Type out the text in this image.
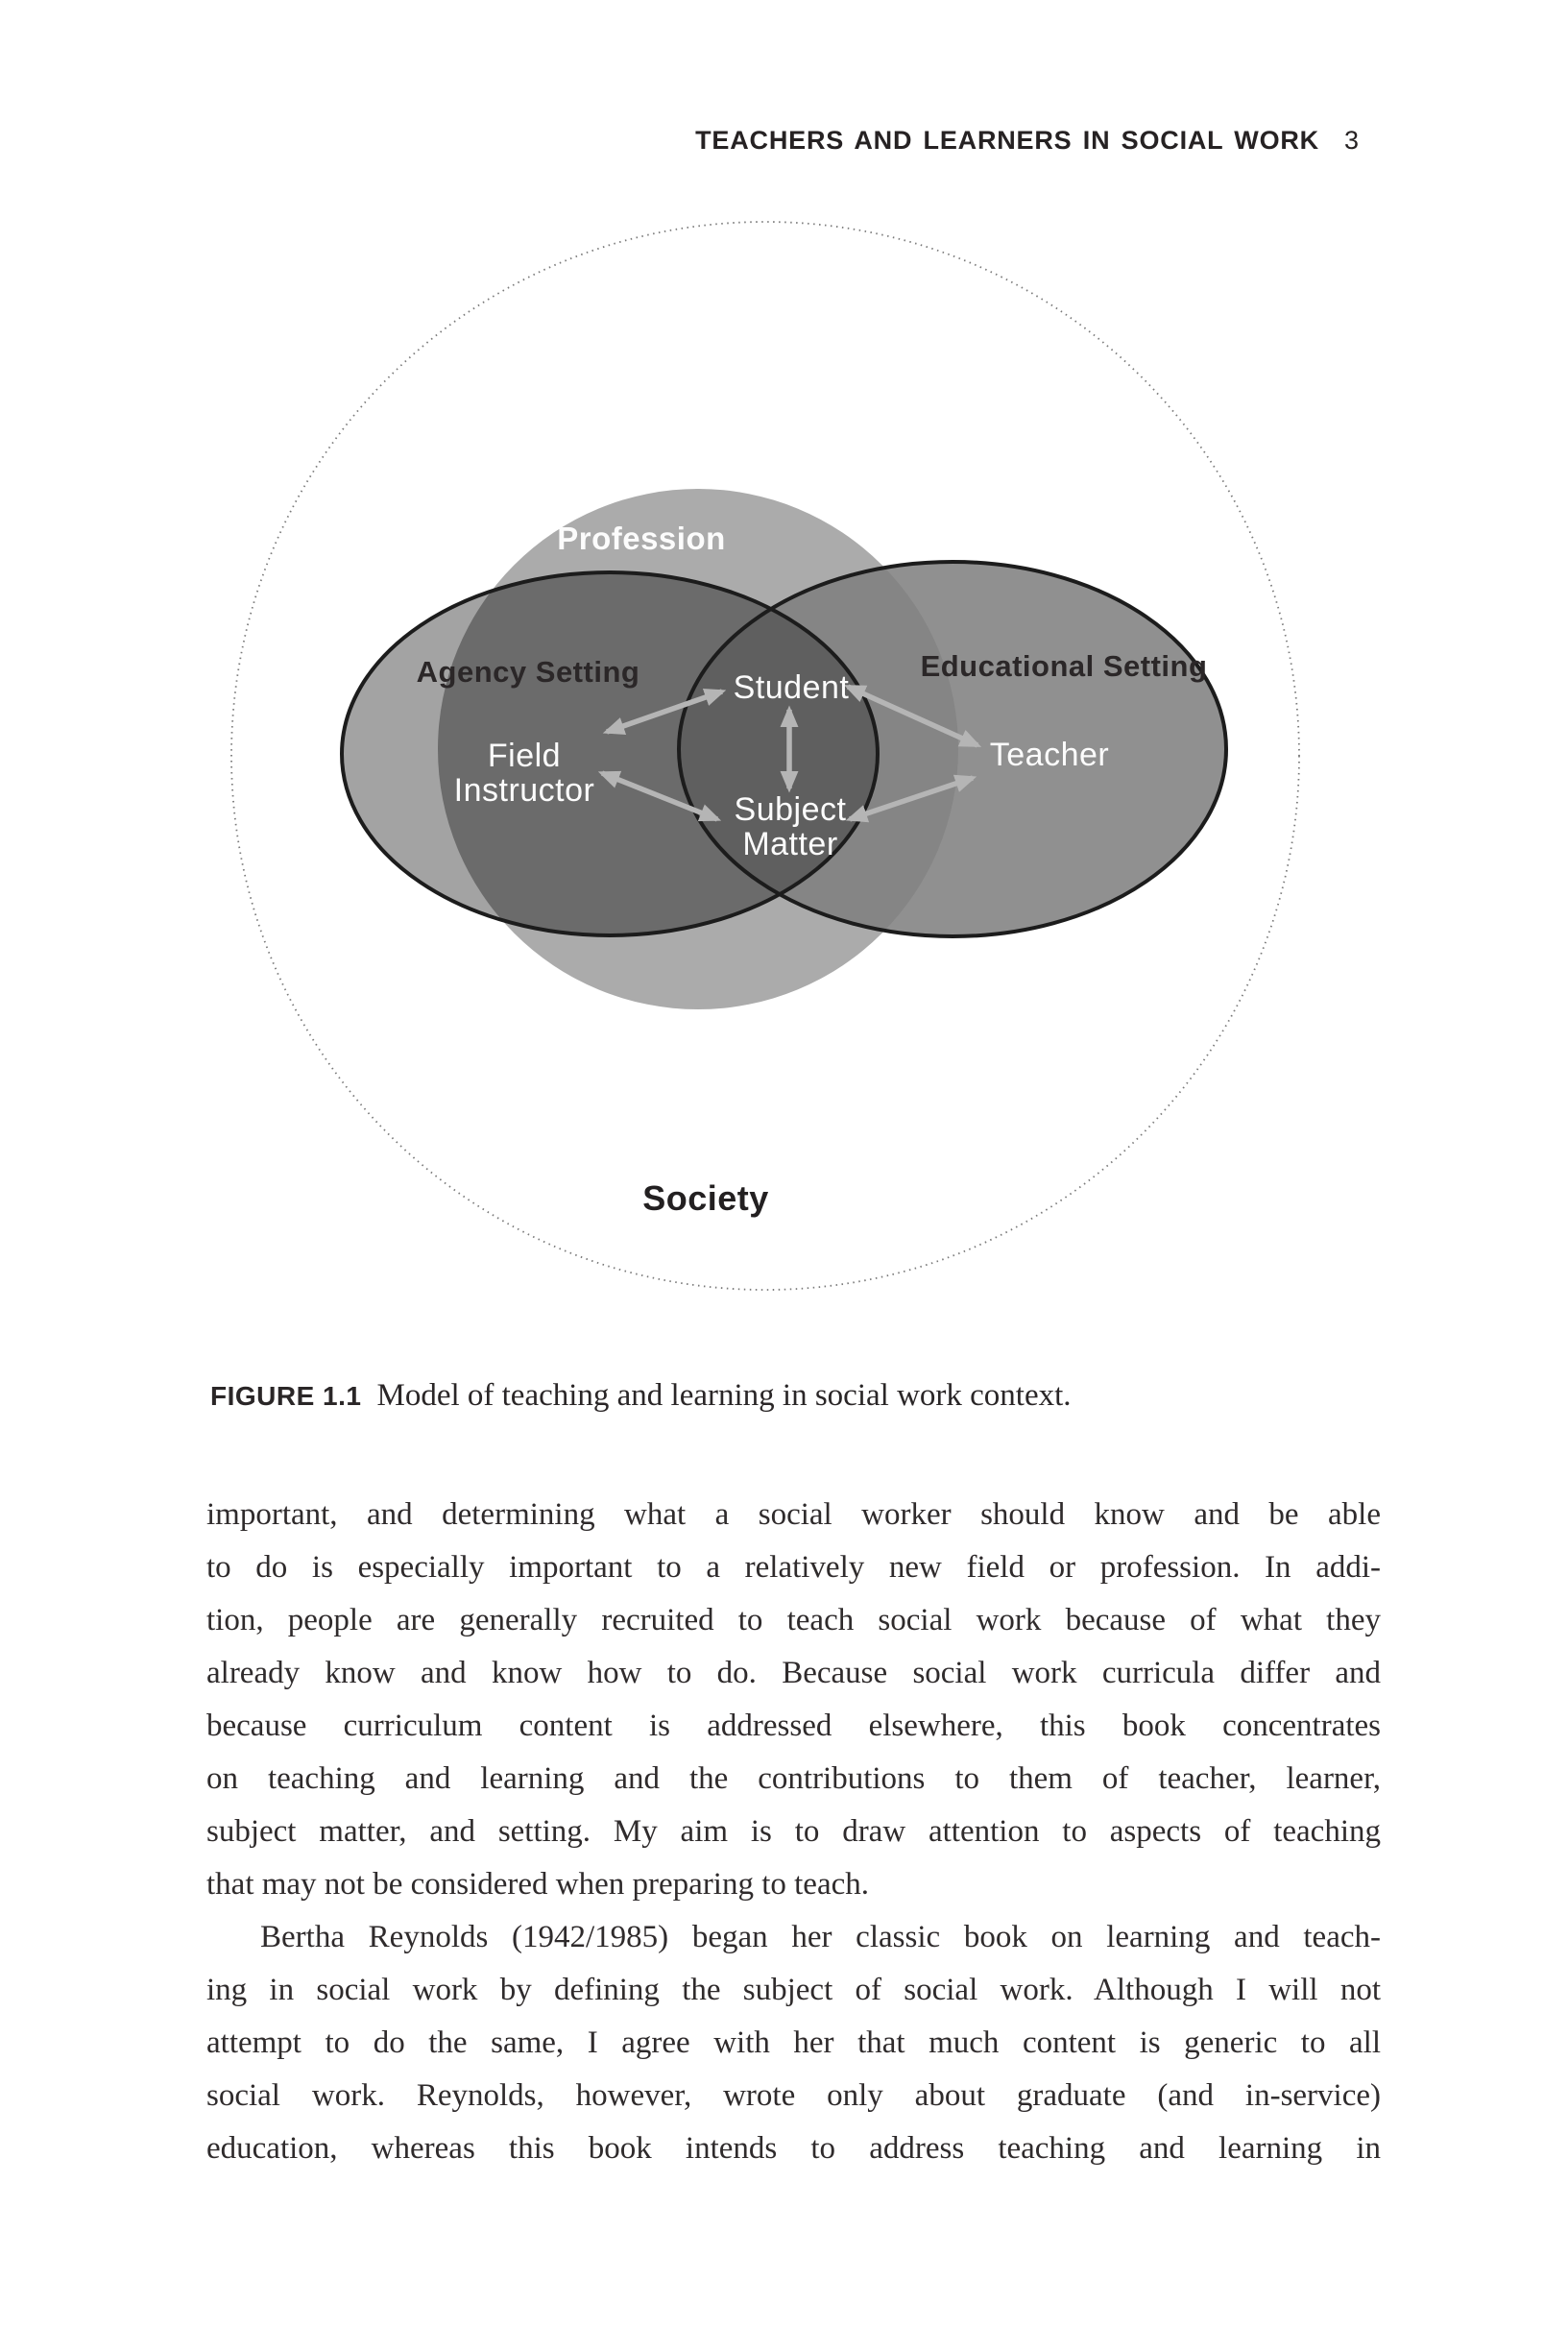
TEACHERS AND LEARNERS IN SOCIAL WORK 3
Profession
Agency Setting	Educational Setting
Student
Teacher
Field
Instructor
Subject
Matter
Society
FIGURE 1.1 Model of teaching and learning in social work context.
important, and determining what a social worker should know and be able
to do is especially important to a relatively new field or profession. In addi-
tion, people are generally recruited to teach social work because of what they
already know and know how to do. Because social work curricula differ and
because curriculum content is addressed elsewhere, this book concentrates
on teaching and learning and the contributions to them of teacher, learner,
subject matter, and setting. My aim is to draw attention to aspects of teaching
that may not be considered when preparing to teach.
Bertha Reynolds (1942/1985) began her classic book on learning and teach-
ing in social work by defining the subject of social work. Although I will not
attempt to do the same, I agree with her that much content is generic to all
social work. Reynolds, however, wrote only about graduate (and in-service)
education, whereas this book intends to address teaching and learning in
